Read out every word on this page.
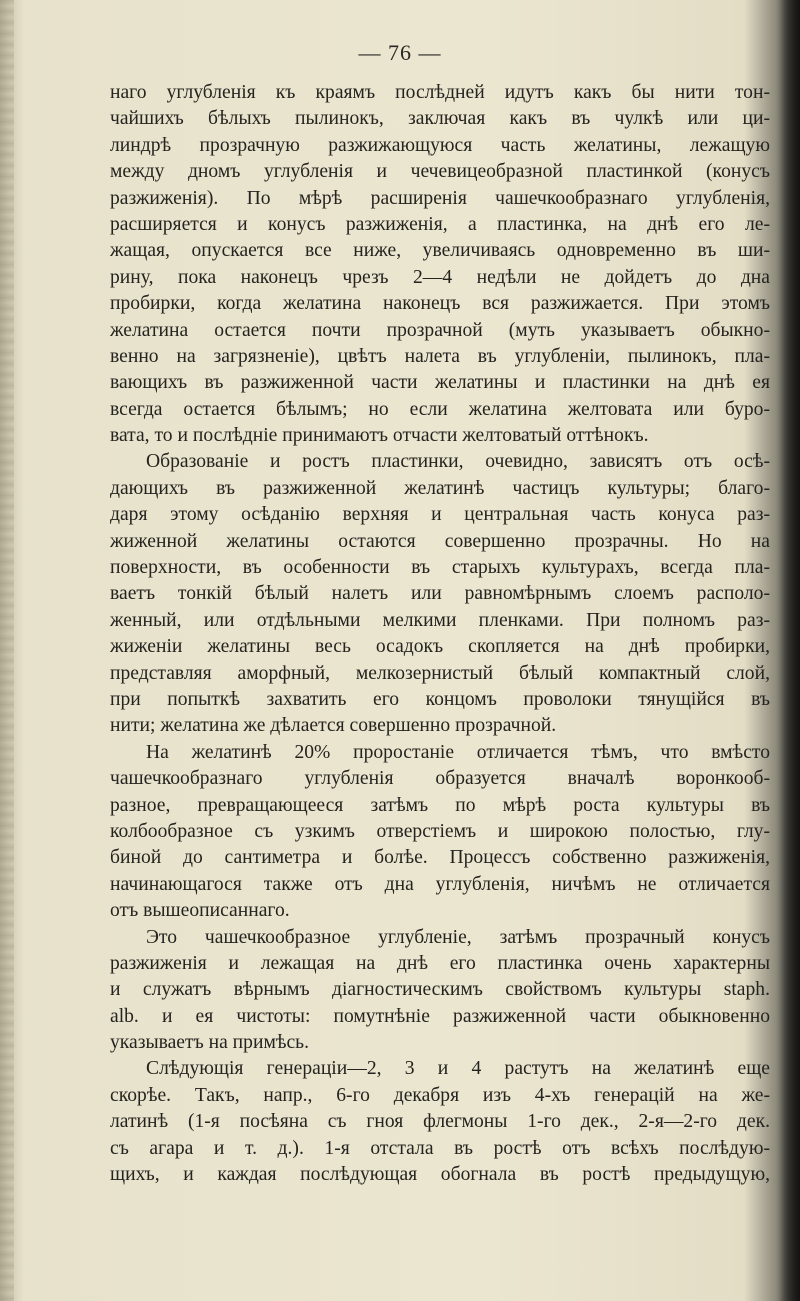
— 76 —
наго углубленія къ краямъ послѣдней идутъ какъ бы нити тон-
чайшихъ бѣлыхъ пылинокъ, заключая какъ въ чулкѣ или ци-
линдрѣ прозрачную разжижающуюся часть желатины, лежащую
между дномъ углубленія и чечевицеобразной пластинкой (конусъ
разжиженія). По мѣрѣ расширенія чашечкообразнаго углубленія,
расширяется и конусъ разжиженія, а пластинка, на днѣ его ле-
жащая, опускается все ниже, увеличиваясь одновременно въ ши-
рину, пока наконецъ чрезъ 2—4 недѣли не дойдетъ до дна
пробирки, когда желатина наконецъ вся разжижается. При этомъ
желатина остается почти прозрачной (муть указываетъ обыкно-
венно на загрязненіе), цвѣтъ налета въ углубленіи, пылинокъ, пла-
вающихъ въ разжиженной части желатины и пластинки на днѣ ея
всегда остается бѣлымъ; но если желатина желтовата или буро-
вата, то и послѣдніе принимаютъ отчасти желтоватый оттѣнокъ.
Образованіе и ростъ пластинки, очевидно, зависятъ отъ осѣ-
дающихъ въ разжиженной желатинѣ частицъ культуры; благо-
даря этому осѣданію верхняя и центральная часть конуса раз-
жиженной желатины остаются совершенно прозрачны. Но на
поверхности, въ особенности въ старыхъ культурахъ, всегда пла-
ваетъ тонкій бѣлый налетъ или равномѣрнымъ слоемъ располо-
женный, или отдѣльными мелкими пленками. При полномъ раз-
жиженіи желатины весь осадокъ скопляется на днѣ пробирки,
представляя аморфный, мелкозернистый бѣлый компактный слой,
при попыткѣ захватить его концомъ проволоки тянущійся въ
нити; желатина же дѣлается совершенно прозрачной.
На желатинѣ 20% проростаніе отличается тѣмъ, что вмѣсто
чашечкообразнаго углубленія образуется вначалѣ воронкооб-
разное, превращающееся затѣмъ по мѣрѣ роста культуры въ
колбообразное съ узкимъ отверстіемъ и широкою полостью, глу-
биной до сантиметра и болѣе. Процессъ собственно разжиженія,
начинающагося также отъ дна углубленія, ничѣмъ не отличается
отъ вышеописаннаго.
Это чашечкообразное углубленіе, затѣмъ прозрачный конусъ
разжиженія и лежащая на днѣ его пластинка очень характерны
и служатъ вѣрнымъ діагностическимъ свойствомъ культуры staph.
alb. и ея чистоты: помутнѣніе разжиженной части обыкновенно
указываетъ на примѣсь.
Слѣдующія генераціи—2, 3 и 4 растутъ на желатинѣ еще
скорѣе. Такъ, напр., 6-го декабря изъ 4-хъ генерацій на же-
латинѣ (1-я посѣяна съ гноя флегмоны 1-го дек., 2-я—2-го дек.
съ агара и т. д.). 1-я отстала въ ростѣ отъ всѣхъ послѣдую-
щихъ, и каждая послѣдующая обогнала въ ростѣ предыдущую,
